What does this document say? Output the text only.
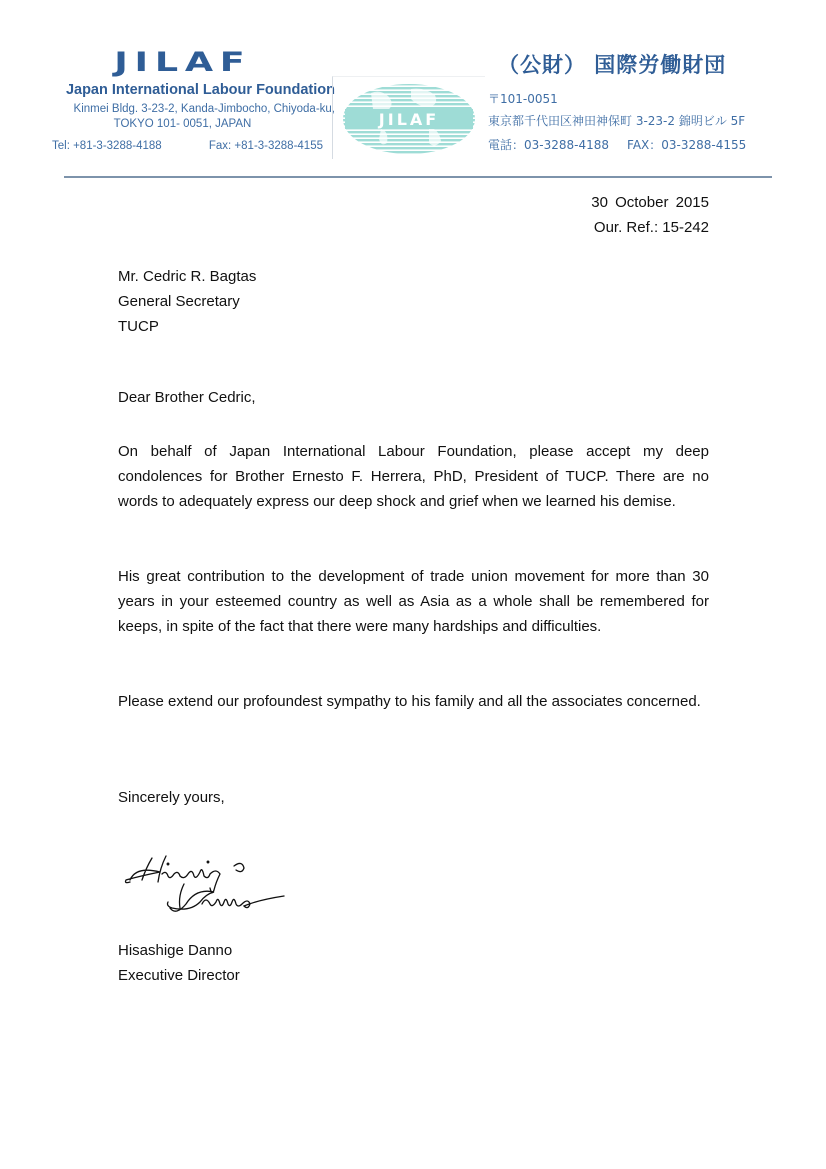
JILAF
Japan International Labour Foundation
Kinmei Bldg. 3-23-2, Kanda-Jimbocho, Chiyoda-ku,
TOKYO 101- 0051, JAPAN
Tel: +81-3-3288-4188	Fax: +81-3-3288-4155
JILAF
（公財） 国際労働財団
〒101-0051
東京都千代田区神田神保町 3-23-2 錦明ビル 5F
電話：03-3288-4188 FAX：03-3288-4155
30 October 2015
Our. Ref.: 15-242
Mr. Cedric R. Bagtas
General Secretary
TUCP
Dear Brother Cedric,

On behalf of Japan International Labour Foundation, please accept my deep condolences for Brother Ernesto F. Herrera, PhD, President of TUCP. There are no words to adequately express our deep shock and grief when we learned his demise.

His great contribution to the development of trade union movement for more than 30 years in your esteemed country as well as Asia as a whole shall be remembered for keeps, in spite of the fact that there were many hardships and difficulties.

Please extend our profoundest sympathy to his family and all the associates concerned.

Sincerely yours,
Hisashige Danno
Executive Director
